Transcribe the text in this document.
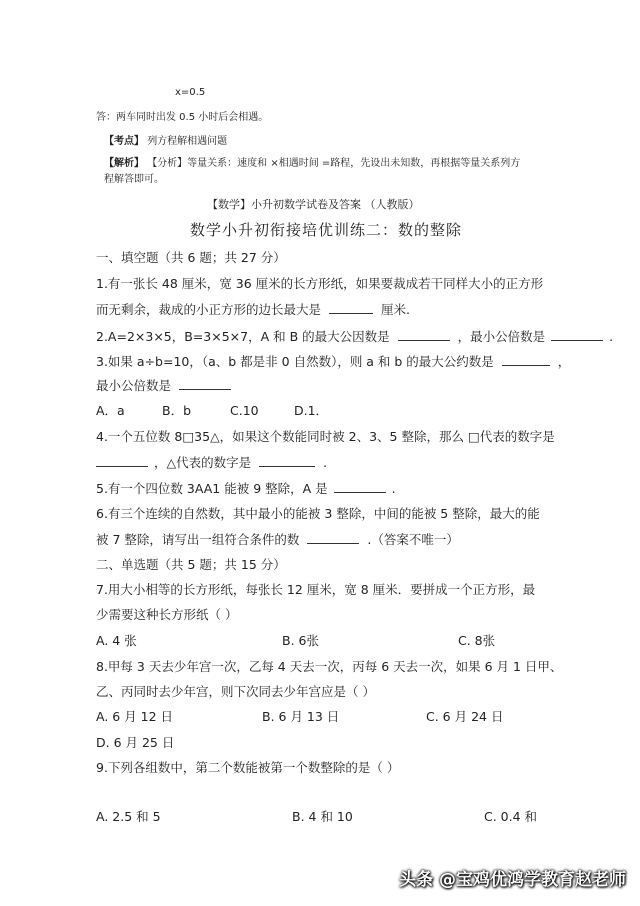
x=0.5
答：两车同时出发 0.5 小时后会相遇。
【考点】 列方程解相遇问题
【解析】 【分析】等量关系：速度和 ×相遇时间 =路程，先设出未知数，再根据等量关系列方
程解答即可。
【数学】小升初数学试卷及答案 （人教版）
数学小升初衔接培优训练二：数的整除
一、填空题（共 6 题；共 27 分）
1.有一张长 48 厘米，宽 36 厘米的长方形纸，如果要裁成若干同样大小的正方形
而无剩余，裁成的小正方形的边长最大是	厘米.
2.A=2×3×5，B=3×5×7，A 和 B 的最大公因数是	，最小公倍数是	.
3.如果 a÷b=10，（a、b 都是非 0 自然数），则 a 和 b 的最大公约数是	，
最小公倍数是
A．a	B．b	C.10	D.1．
4.一个五位数 8□35△，如果这个数能同时被 2、3、5 整除，那么 □代表的数字是
，△代表的数字是	.
5.有一个四位数 3AA1 能被 9 整除，A 是	.
6.有三个连续的自然数，其中最小的能被 3 整除，中间的能被 5 整除，最大的能
被 7 整除，请写出一组符合条件的数	.（答案不唯一）
二、单选题（共 5 题；共 15 分）
7.用大小相等的长方形纸，每张长 12 厘米，宽 8 厘米．要拼成一个正方形，最
少需要这种长方形纸（ ）
A. 4 张	B. 6张	C. 8张
8.甲每 3 天去少年宫一次，乙每 4 天去一次，丙每 6 天去一次，如果 6 月 1 日甲、
乙、丙同时去少年宫，则下次同去少年宫应是（ ）
A. 6 月 12 日	B. 6 月 13 日	C. 6 月 24 日
D. 6 月 25 日
9.下列各组数中，第二个数能被第一个数整除的是（ ）
A. 2.5 和 5	B. 4 和 10	C. 0.4 和
头条 @宝鸡优鸿学教育赵老师
